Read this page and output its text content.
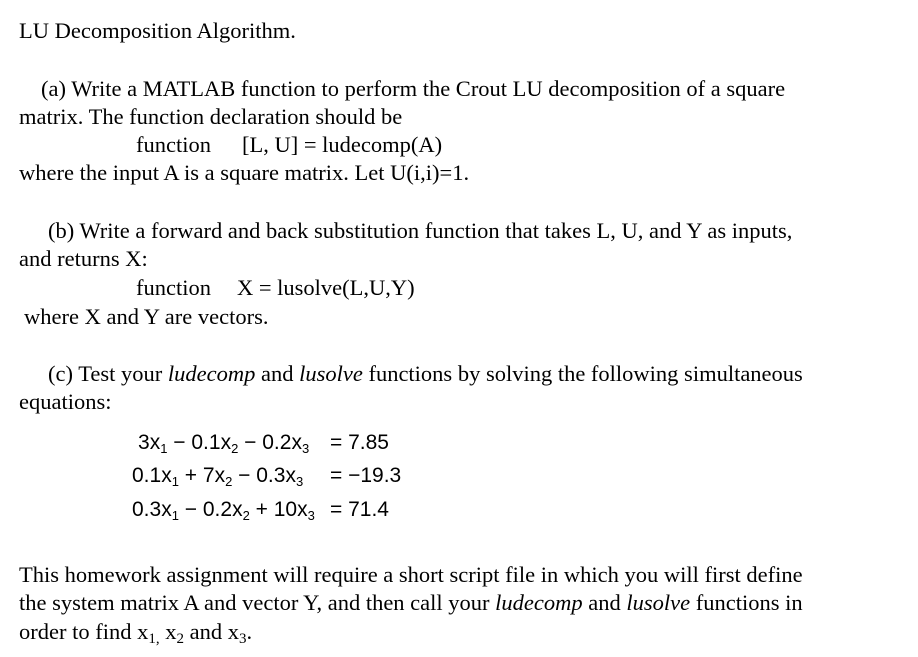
LU Decomposition Algorithm.
(a) Write a MATLAB function to perform the Crout LU decomposition of a square
matrix. The function declaration should be
function [L, U] = ludecomp(A)
where the input A is a square matrix. Let U(i,i)=1.
(b) Write a forward and back substitution function that takes L, U, and Y as inputs,
and returns X:
function X = lusolve(L,U,Y)
where X and Y are vectors.
(c) Test your ludecomp and lusolve functions by solving the following simultaneous
equations:
$3x_1 - 0.1x_2 - 0.2x_3 = 7.85$
$0.1x_1 + 7x_2 - 0.3x_3 = -19.3$
$0.3x_1 - 0.2x_2 + 10x_3 = 71.4$
This homework assignment will require a short script file in which you will first define
the system matrix A and vector Y, and then call your ludecomp and lusolve functions in
order to find x1, x2 and x3.
